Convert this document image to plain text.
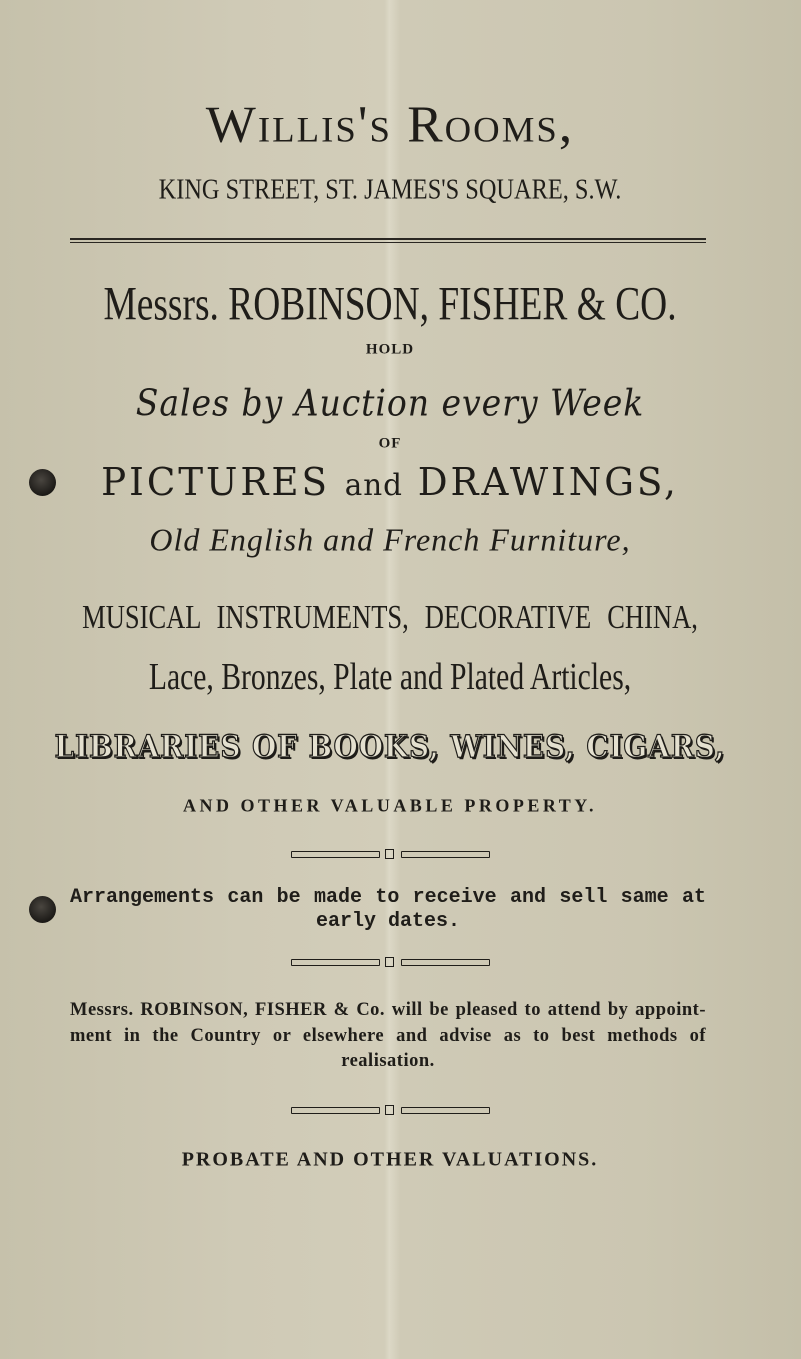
Willis's Rooms,
KING STREET, ST. JAMES'S SQUARE, S.W.
Messrs. ROBINSON, FISHER & CO.
HOLD
Sales by Auction every Week
OF
PICTURES and DRAWINGS,
Old English and French Furniture,
MUSICAL INSTRUMENTS, DECORATIVE CHINA,
Lace, Bronzes, Plate and Plated Articles,
LIBRARIES OF BOOKS, WINES, CIGARS,
AND OTHER VALUABLE PROPERTY.
Arrangements can be made to receive and sell same at
early dates.
Messrs. ROBINSON, FISHER & Co. will be pleased to attend by appoint-
ment in the Country or elsewhere and advise as to best methods of
realisation.
PROBATE AND OTHER VALUATIONS.
